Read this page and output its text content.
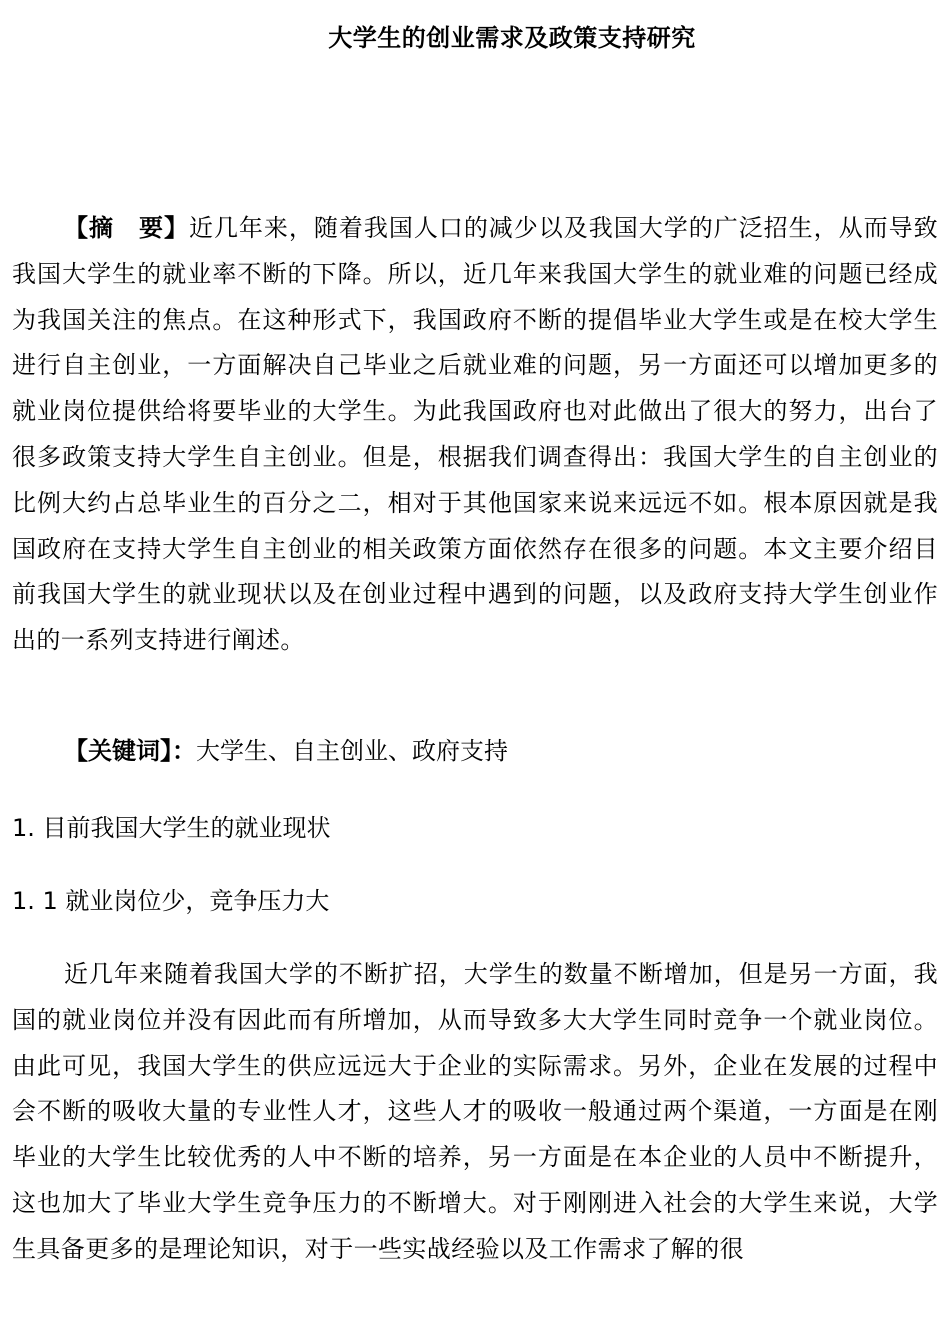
大学生的创业需求及政策支持研究

【摘　要】近几年来，随着我国人口的减少以及我国大学的广泛招生，从而导致我国大学生的就业率不断的下降。所以，近几年来我国大学生的就业难的问题已经成为我国关注的焦点。在这种形式下，我国政府不断的提倡毕业大学生或是在校大学生进行自主创业，一方面解决自己毕业之后就业难的问题，另一方面还可以增加更多的就业岗位提供给将要毕业的大学生。为此我国政府也对此做出了很大的努力，出台了很多政策支持大学生自主创业。但是，根据我们调查得出：我国大学生的自主创业的比例大约占总毕业生的百分之二，相对于其他国家来说来远远不如。根本原因就是我国政府在支持大学生自主创业的相关政策方面依然存在很多的问题。本文主要介绍目前我国大学生的就业现状以及在创业过程中遇到的问题，以及政府支持大学生创业作出的一系列支持进行阐述。

【关键词】：大学生、自主创业、政府支持

1. 目前我国大学生的就业现状
1. 1 就业岗位少，竞争压力大

近几年来随着我国大学的不断扩招，大学生的数量不断增加，但是另一方面，我国的就业岗位并没有因此而有所增加，从而导致多大大学生同时竞争一个就业岗位。由此可见，我国大学生的供应远远大于企业的实际需求。另外，企业在发展的过程中会不断的吸收大量的专业性人才，这些人才的吸收一般通过两个渠道，一方面是在刚毕业的大学生比较优秀的人中不断的培养，另一方面是在本企业的人员中不断提升，这也加大了毕业大学生竞争压力的不断增大。对于刚刚进入社会的大学生来说，大学生具备更多的是理论知识，对于一些实战经验以及工作需求了解的很
